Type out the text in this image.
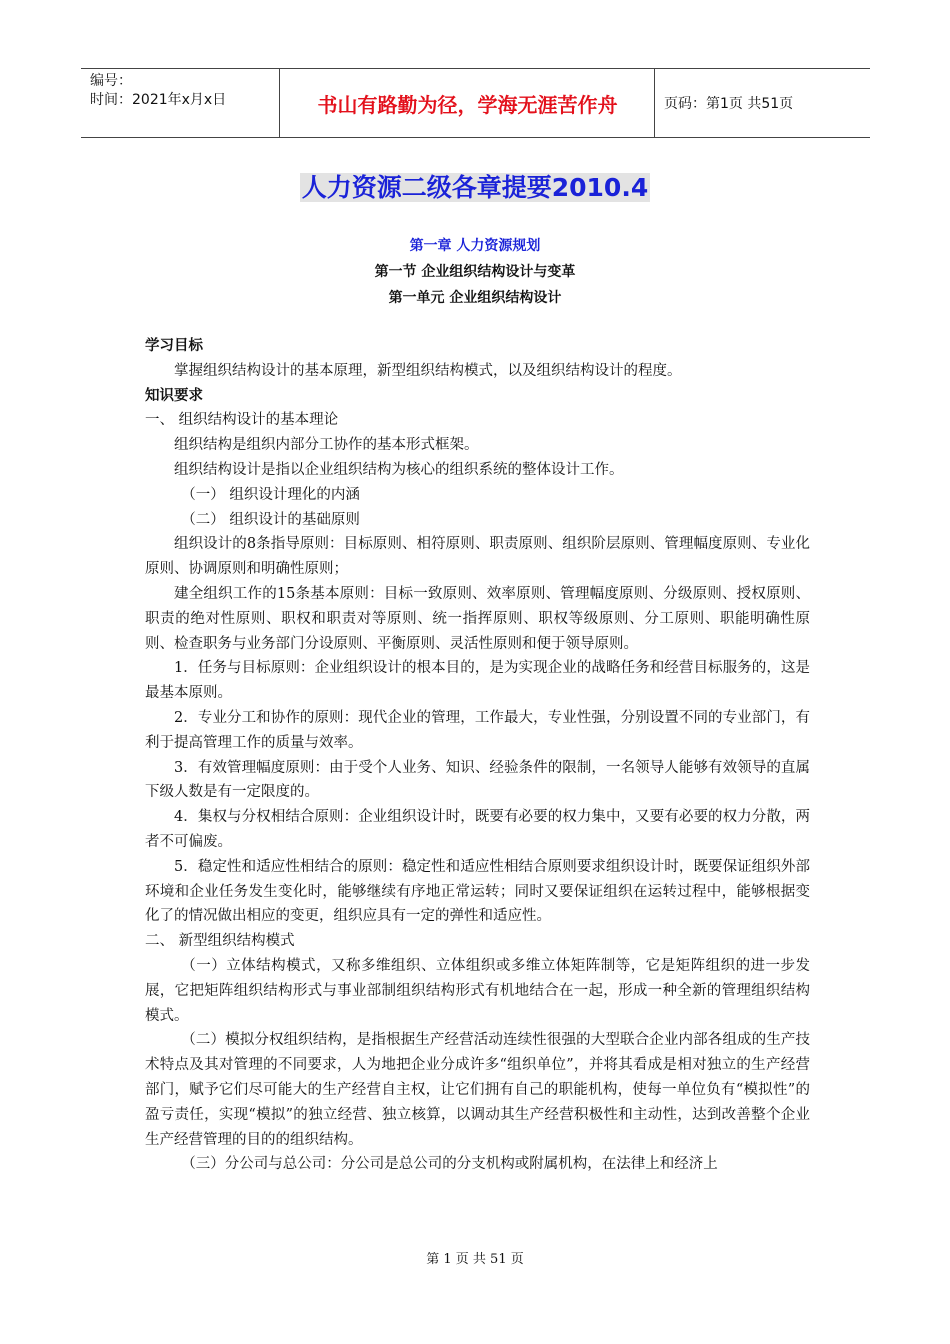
编号：
时间：2021年x月x日	书山有路勤为径，学海无涯苦作舟	页码：第1页 共51页
人力资源二级各章提要2010.4
第一章 人力资源规划
第一节 企业组织结构设计与变革
第一单元 企业组织结构设计

学习目标

掌握组织结构设计的基本原理，新型组织结构模式，以及组织结构设计的程度。

知识要求

一、 组织结构设计的基本理论

组织结构是组织内部分工协作的基本形式框架。

组织结构设计是指以企业组织结构为核心的组织系统的整体设计工作。

（一） 组织设计理化的内涵

（二） 组织设计的基础原则

组织设计的8条指导原则：目标原则、相符原则、职责原则、组织阶层原则、管理幅度原则、专业化原则、协调原则和明确性原则；

建全组织工作的15条基本原则：目标一致原则、效率原则、管理幅度原则、分级原则、授权原则、职责的绝对性原则、职权和职责对等原则、统一指挥原则、职权等级原则、分工原则、职能明确性原则、检查职务与业务部门分设原则、平衡原则、灵活性原则和便于领导原则。

1．任务与目标原则：企业组织设计的根本目的，是为实现企业的战略任务和经营目标服务的，这是最基本原则。

2．专业分工和协作的原则：现代企业的管理，工作最大，专业性强，分别设置不同的专业部门，有利于提高管理工作的质量与效率。

3．有效管理幅度原则：由于受个人业务、知识、经验条件的限制，一名领导人能够有效领导的直属下级人数是有一定限度的。

4．集权与分权相结合原则：企业组织设计时，既要有必要的权力集中，又要有必要的权力分散，两者不可偏废。

5．稳定性和适应性相结合的原则：稳定性和适应性相结合原则要求组织设计时，既要保证组织外部环境和企业任务发生变化时，能够继续有序地正常运转；同时又要保证组织在运转过程中，能够根据变化了的情况做出相应的变更，组织应具有一定的弹性和适应性。

二、 新型组织结构模式

（一）立体结构模式，又称多维组织、立体组织或多维立体矩阵制等，它是矩阵组织的进一步发展，它把矩阵组织结构形式与事业部制组织结构形式有机地结合在一起，形成一种全新的管理组织结构模式。

（二）模拟分权组织结构，是指根据生产经营活动连续性很强的大型联合企业内部各组成的生产技术特点及其对管理的不同要求，人为地把企业分成许多“组织单位”，并将其看成是相对独立的生产经营部门，赋予它们尽可能大的生产经营自主权，让它们拥有自己的职能机构，使每一单位负有“模拟性”的盈亏责任，实现“模拟”的独立经营、独立核算，以调动其生产经营积极性和主动性，达到改善整个企业生产经营管理的目的的组织结构。

（三）分公司与总公司：分公司是总公司的分支机构或附属机构，在法律上和经济上

第 1 页 共 51 页
